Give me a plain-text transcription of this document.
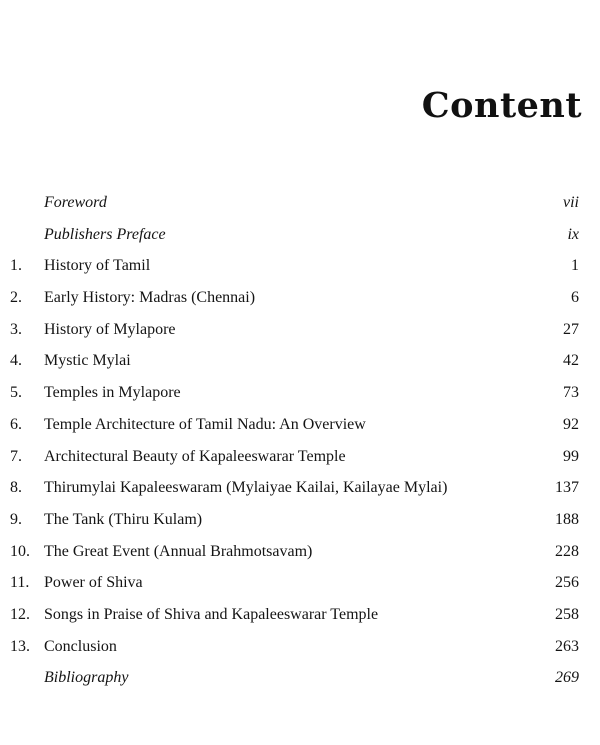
Content
Foreword	vii
Publishers Preface	ix
1. History of Tamil	1
2. Early History: Madras (Chennai)	6
3. History of Mylapore	27
4. Mystic Mylai	42
5. Temples in Mylapore	73
6. Temple Architecture of Tamil Nadu: An Overview	92
7. Architectural Beauty of Kapaleeswarar Temple	99
8. Thirumylai Kapaleeswaram (Mylaiyae Kailai, Kailayae Mylai)	137
9. The Tank (Thiru Kulam)	188
10. The Great Event (Annual Brahmotsavam)	228
11. Power of Shiva	256
12. Songs in Praise of Shiva and Kapaleeswarar Temple	258
13. Conclusion	263
Bibliography	269
